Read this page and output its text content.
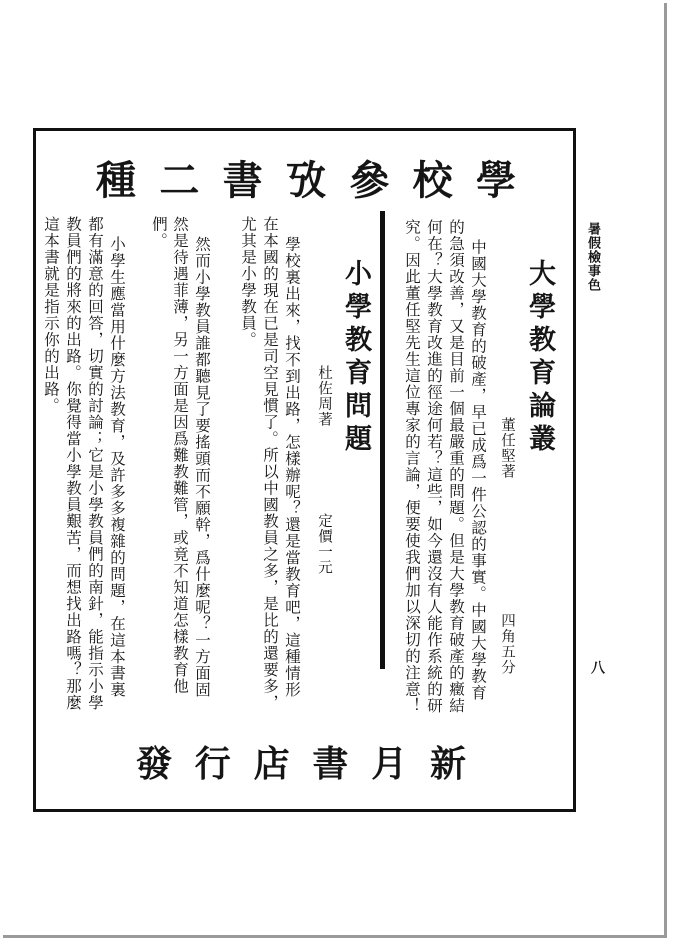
暑假檢事色
八
種 二 書 攷 參 校 學
大學教育論叢
董任堅著
四角五分
中國大學教育的破產，早已成爲一件公認的事實。中國大學教育
的急須改善，又是目前一個最嚴重的問題。但是大學教育破產的癥結
何在？大學教育改進的徑途何若？這些，如今還沒有人能作系統的研
究。因此董任堅先生這位專家的言論，便要使我們加以深切的注意！
小學教育問題
杜佐周著
定價一元
學校裏出來，找不到出路，怎樣辦呢？還是當教育吧，這種情形
在本國的現在已是司空見慣了。所以中國教員之多，是比的還要多，
尤其是小學教員。
然而小學教員誰都聽見了要搖頭而不願幹，爲什麼呢？一方面固
然是待遇菲薄，另一方面是因爲難教難管，或竟不知道怎樣教育他
們。
小學生應當用什麼方法教育，及許多多複雜的問題，在這本書裏
都有滿意的回答，切實的討論；它是小學教員們的南針，能指示小學
教員們的將來的出路。你覺得當小學教員艱苦，而想找出路嗎？那麼
這本書就是指示你的出路。
發 行 店 書 月 新
